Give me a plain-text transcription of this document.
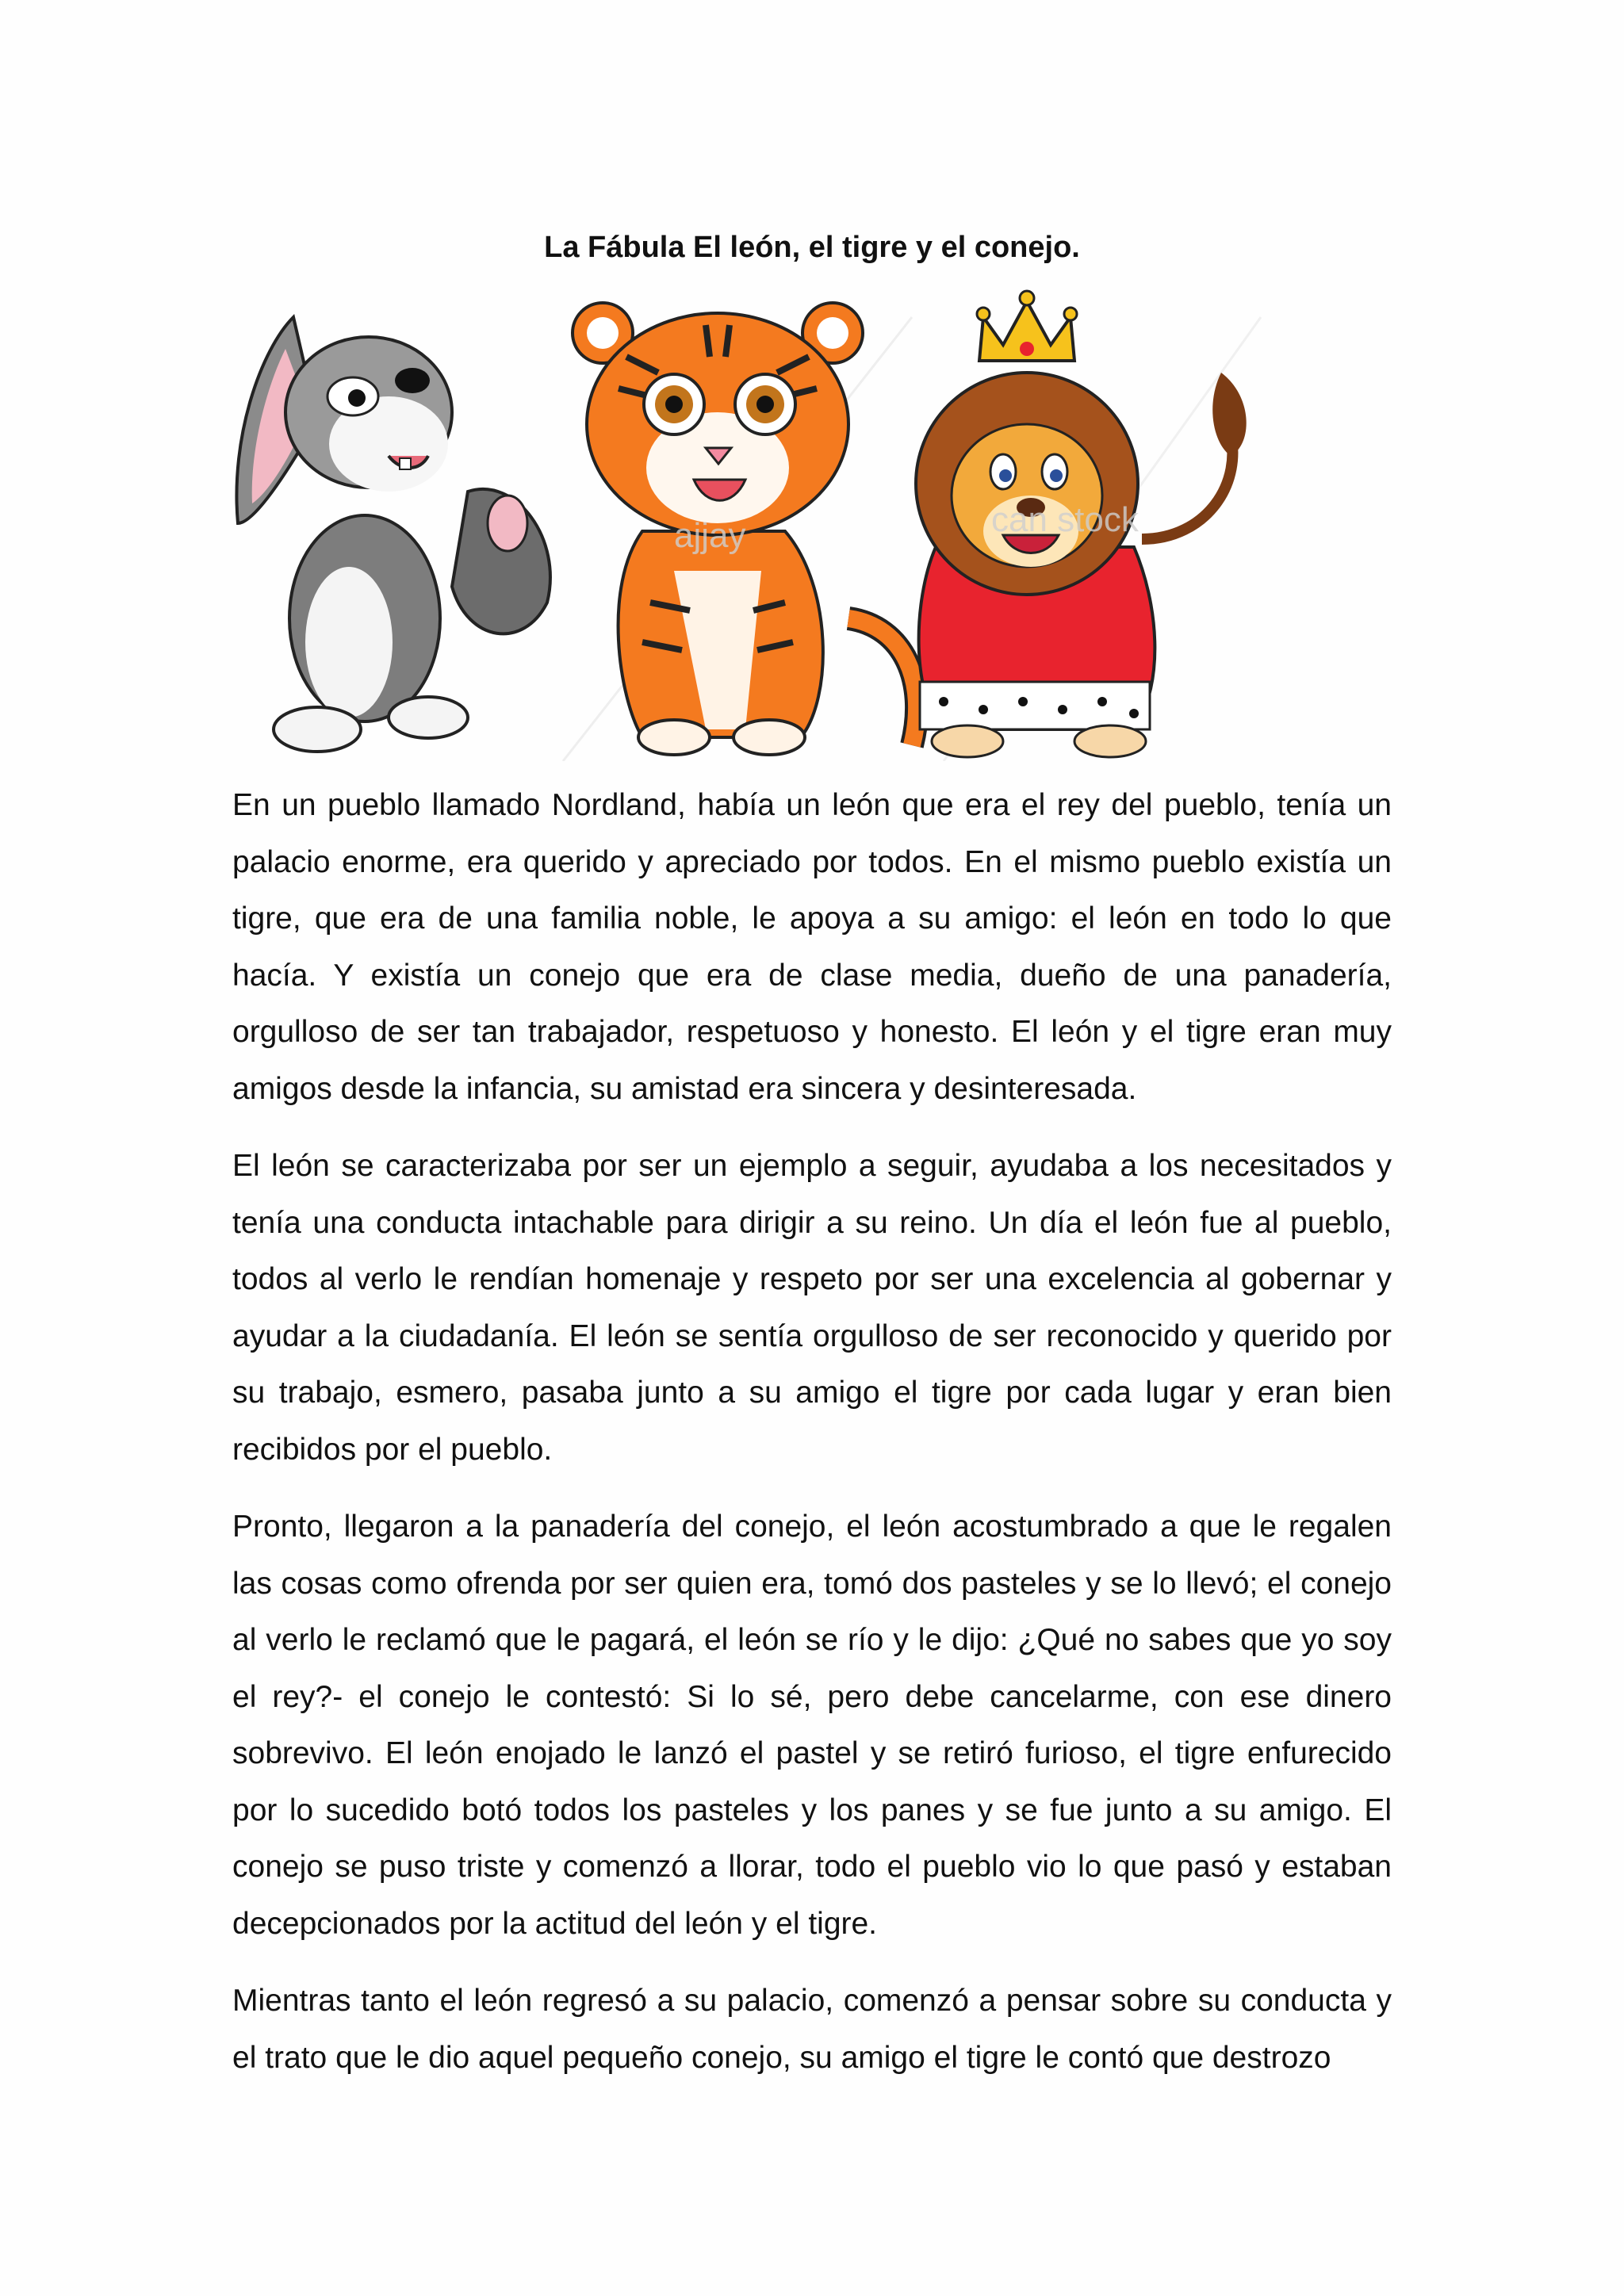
La Fábula El león, el tigre y el conejo.
ajjay	can stock

En un pueblo llamado Nordland, había un león que era el rey del pueblo, tenía un palacio enorme, era querido y apreciado por todos. En el mismo pueblo existía un tigre, que era de una familia noble, le apoya a su amigo: el león en todo lo que hacía. Y existía un conejo que era de clase media, dueño de una panadería, orgulloso de ser tan trabajador, respetuoso y honesto. El león y el tigre eran muy amigos desde la infancia, su amistad era sincera y desinteresada.

El león se caracterizaba por ser un ejemplo a seguir, ayudaba a los necesitados y tenía una conducta intachable para dirigir a su reino. Un día el león fue al pueblo, todos al verlo le rendían homenaje y respeto por ser una excelencia al gobernar y ayudar a la ciudadanía. El león se sentía orgulloso de ser reconocido y querido por su trabajo, esmero, pasaba junto a su amigo el tigre por cada lugar y eran bien recibidos por el pueblo.

Pronto, llegaron a la panadería del conejo, el león acostumbrado a que le regalen las cosas como ofrenda por ser quien era, tomó dos pasteles y se lo llevó; el conejo al verlo le reclamó que le pagará, el león se río y le dijo: ¿Qué no sabes que yo soy el rey?- el conejo le contestó: Si lo sé, pero debe cancelarme, con ese dinero sobrevivo. El león enojado le lanzó el pastel y se retiró furioso, el tigre enfurecido por lo sucedido botó todos los pasteles y los panes y se fue junto a su amigo. El conejo se puso triste y comenzó a llorar, todo el pueblo vio lo que pasó y estaban decepcionados por la actitud del león y el tigre.

Mientras tanto el león regresó a su palacio, comenzó a pensar sobre su conducta y el trato que le dio aquel pequeño conejo, su amigo el tigre le contó que destrozo
